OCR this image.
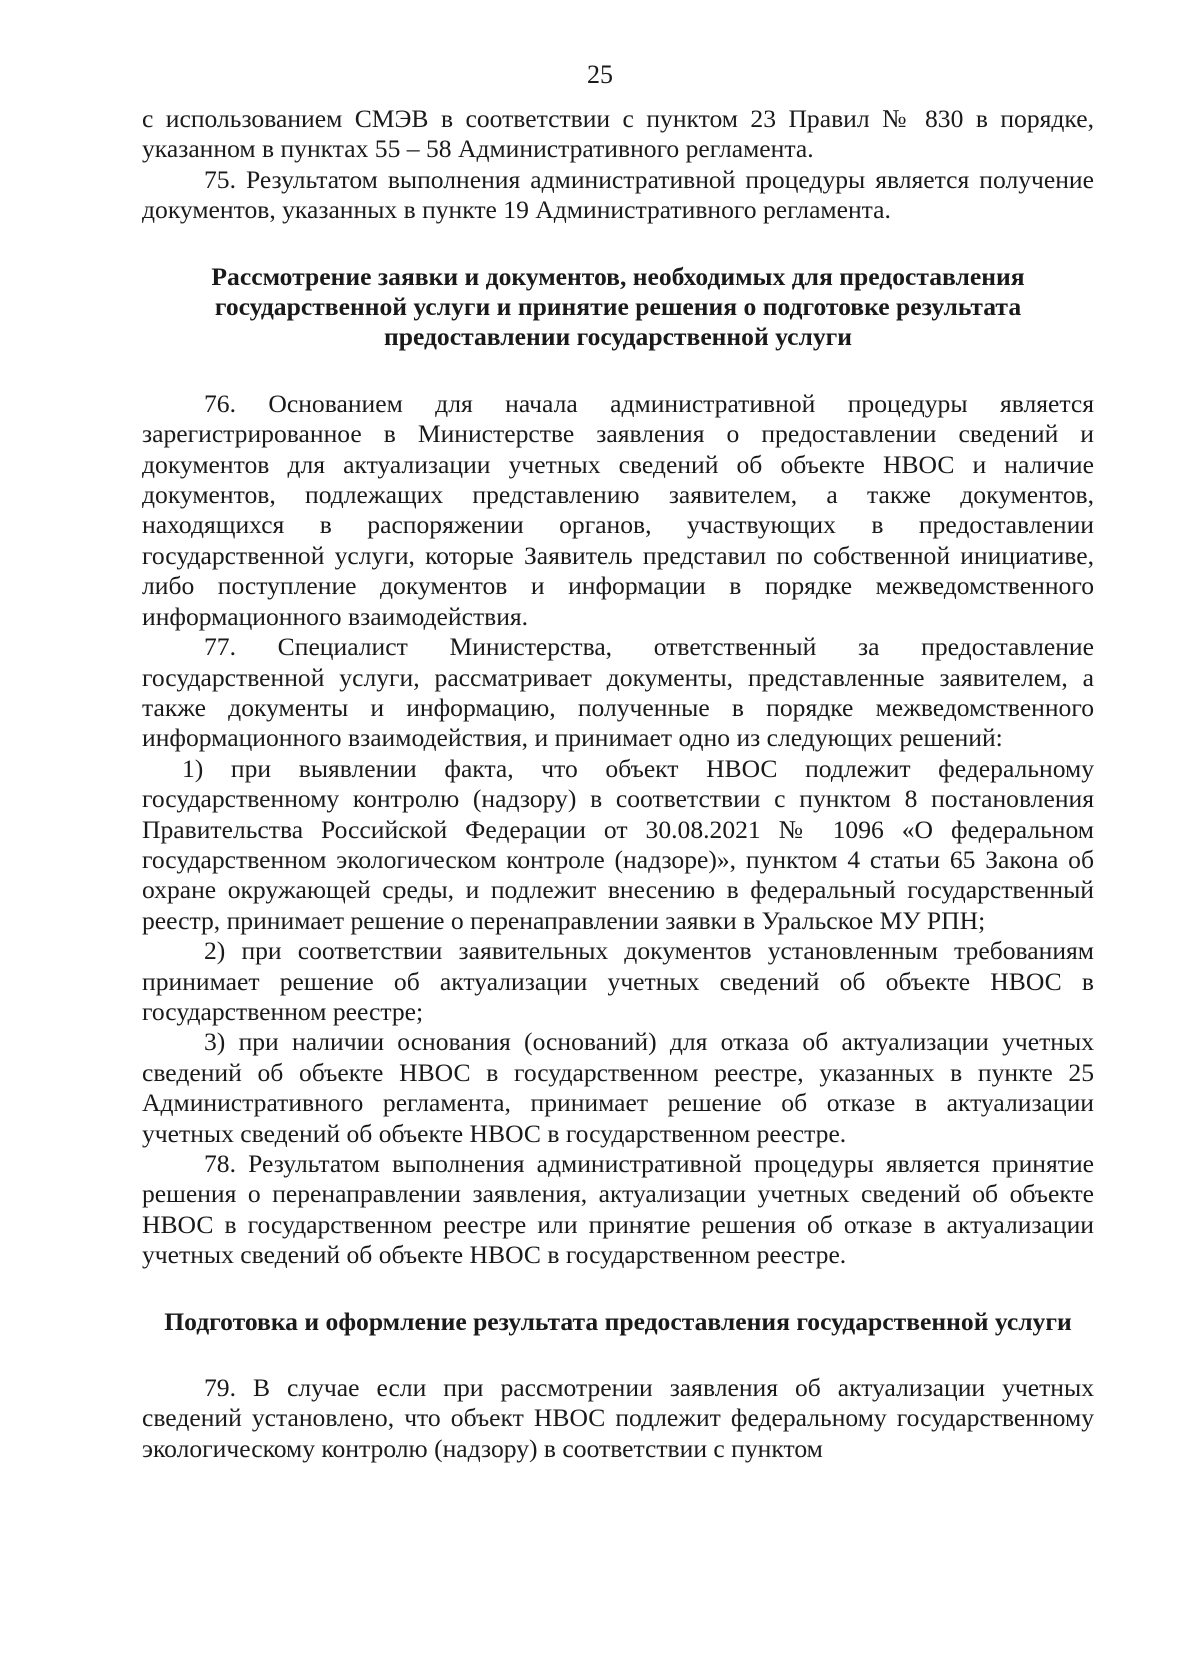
25

с использованием СМЭВ в соответствии с пунктом 23 Правил № 830 в порядке, указанном в пунктах 55 – 58 Административного регламента.

75. Результатом выполнения административной процедуры является получение документов, указанных в пункте 19 Административного регламента.

Рассмотрение заявки и документов, необходимых для предоставления государственной услуги и принятие решения о подготовке результата предоставлении государственной услуги

76. Основанием для начала административной процедуры является зарегистрированное в Министерстве заявления о предоставлении сведений и документов для актуализации учетных сведений об объекте НВОС и наличие документов, подлежащих представлению заявителем, а также документов, находящихся в распоряжении органов, участвующих в предоставлении государственной услуги, которые Заявитель представил по собственной инициативе, либо поступление документов и информации в порядке межведомственного информационного взаимодействия.

77. Специалист Министерства, ответственный за предоставление государственной услуги, рассматривает документы, представленные заявителем, а также документы и информацию, полученные в порядке межведомственного информационного взаимодействия, и принимает одно из следующих решений:

1) при выявлении факта, что объект НВОС подлежит федеральному государственному контролю (надзору) в соответствии с пунктом 8 постановления Правительства Российской Федерации от 30.08.2021 № 1096 «О федеральном государственном экологическом контроле (надзоре)», пунктом 4 статьи 65 Закона об охране окружающей среды, и подлежит внесению в федеральный государственный реестр, принимает решение о перенаправлении заявки в Уральское МУ РПН;

2) при соответствии заявительных документов установленным требованиям принимает решение об актуализации учетных сведений об объекте НВОС в государственном реестре;

3) при наличии основания (оснований) для отказа об актуализации учетных сведений об объекте НВОС в государственном реестре, указанных в пункте 25 Административного регламента, принимает решение об отказе в актуализации учетных сведений об объекте НВОС в государственном реестре.

78. Результатом выполнения административной процедуры является принятие решения о перенаправлении заявления, актуализации учетных сведений об объекте НВОС в государственном реестре или принятие решения об отказе в актуализации учетных сведений об объекте НВОС в государственном реестре.

Подготовка и оформление результата предоставления государственной услуги

79. В случае если при рассмотрении заявления об актуализации учетных сведений установлено, что объект НВОС подлежит федеральному государственному экологическому контролю (надзору) в соответствии с пунктом
